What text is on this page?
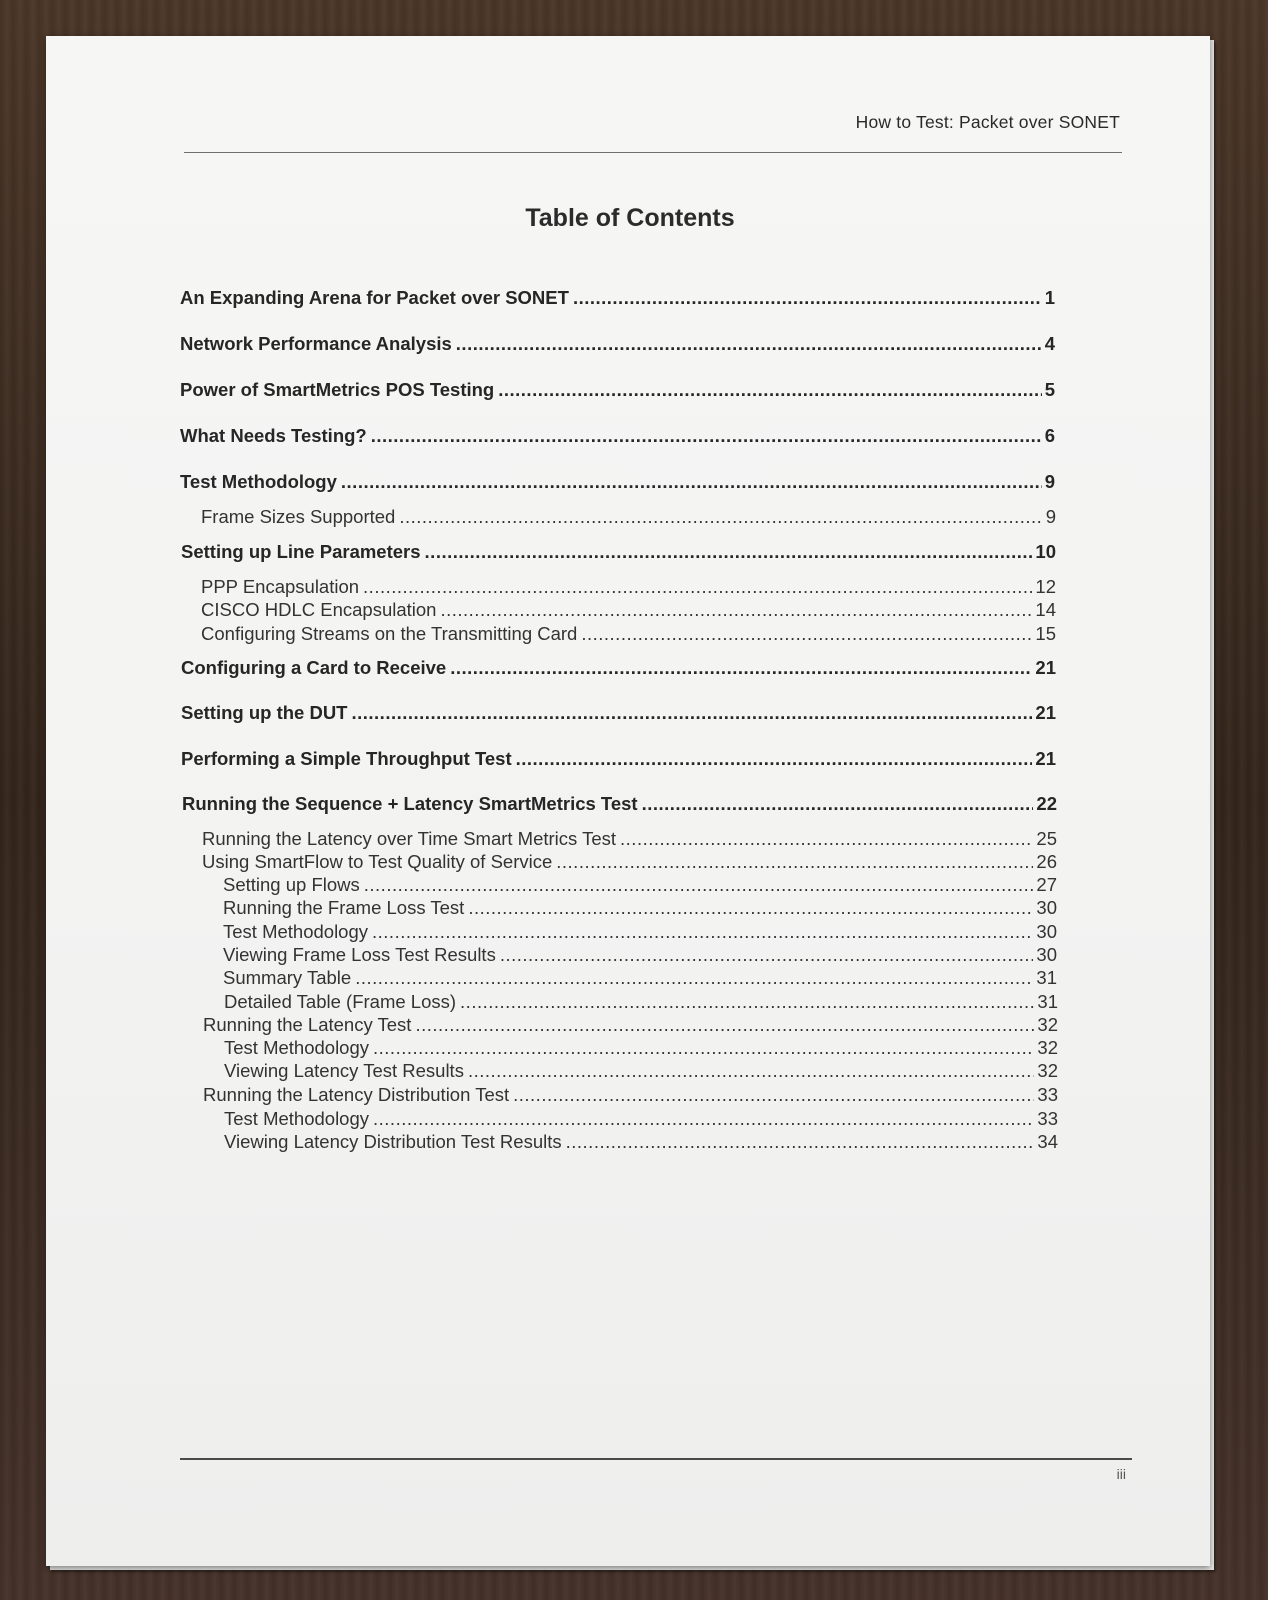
How to Test: Packet over SONET
Table of Contents
An Expanding Arena for Packet over SONET .....	1
Network Performance Analysis .....	4
Power of SmartMetrics POS Testing .....	5
What Needs Testing? .....	6
Test Methodology .....	9
Frame Sizes Supported .....	9
Setting up Line Parameters .....	10
PPP Encapsulation .....	12
CISCO HDLC Encapsulation .....	14
Configuring Streams on the Transmitting Card .....	15
Configuring a Card to Receive .....	21
Setting up the DUT .....	21
Performing a Simple Throughput Test .....	21
Running the Sequence + Latency SmartMetrics Test .....	22
Running the Latency over Time Smart Metrics Test .....	25
Using SmartFlow to Test Quality of Service .....	26
Setting up Flows .....	27
Running the Frame Loss Test .....	30
Test Methodology .....	30
Viewing Frame Loss Test Results .....	30
Summary Table .....	31
Detailed Table (Frame Loss) .....	31
Running the Latency Test .....	32
Test Methodology .....	32
Viewing Latency Test Results .....	32
Running the Latency Distribution Test .....	33
Test Methodology .....	33
Viewing Latency Distribution Test Results .....	34
iii
